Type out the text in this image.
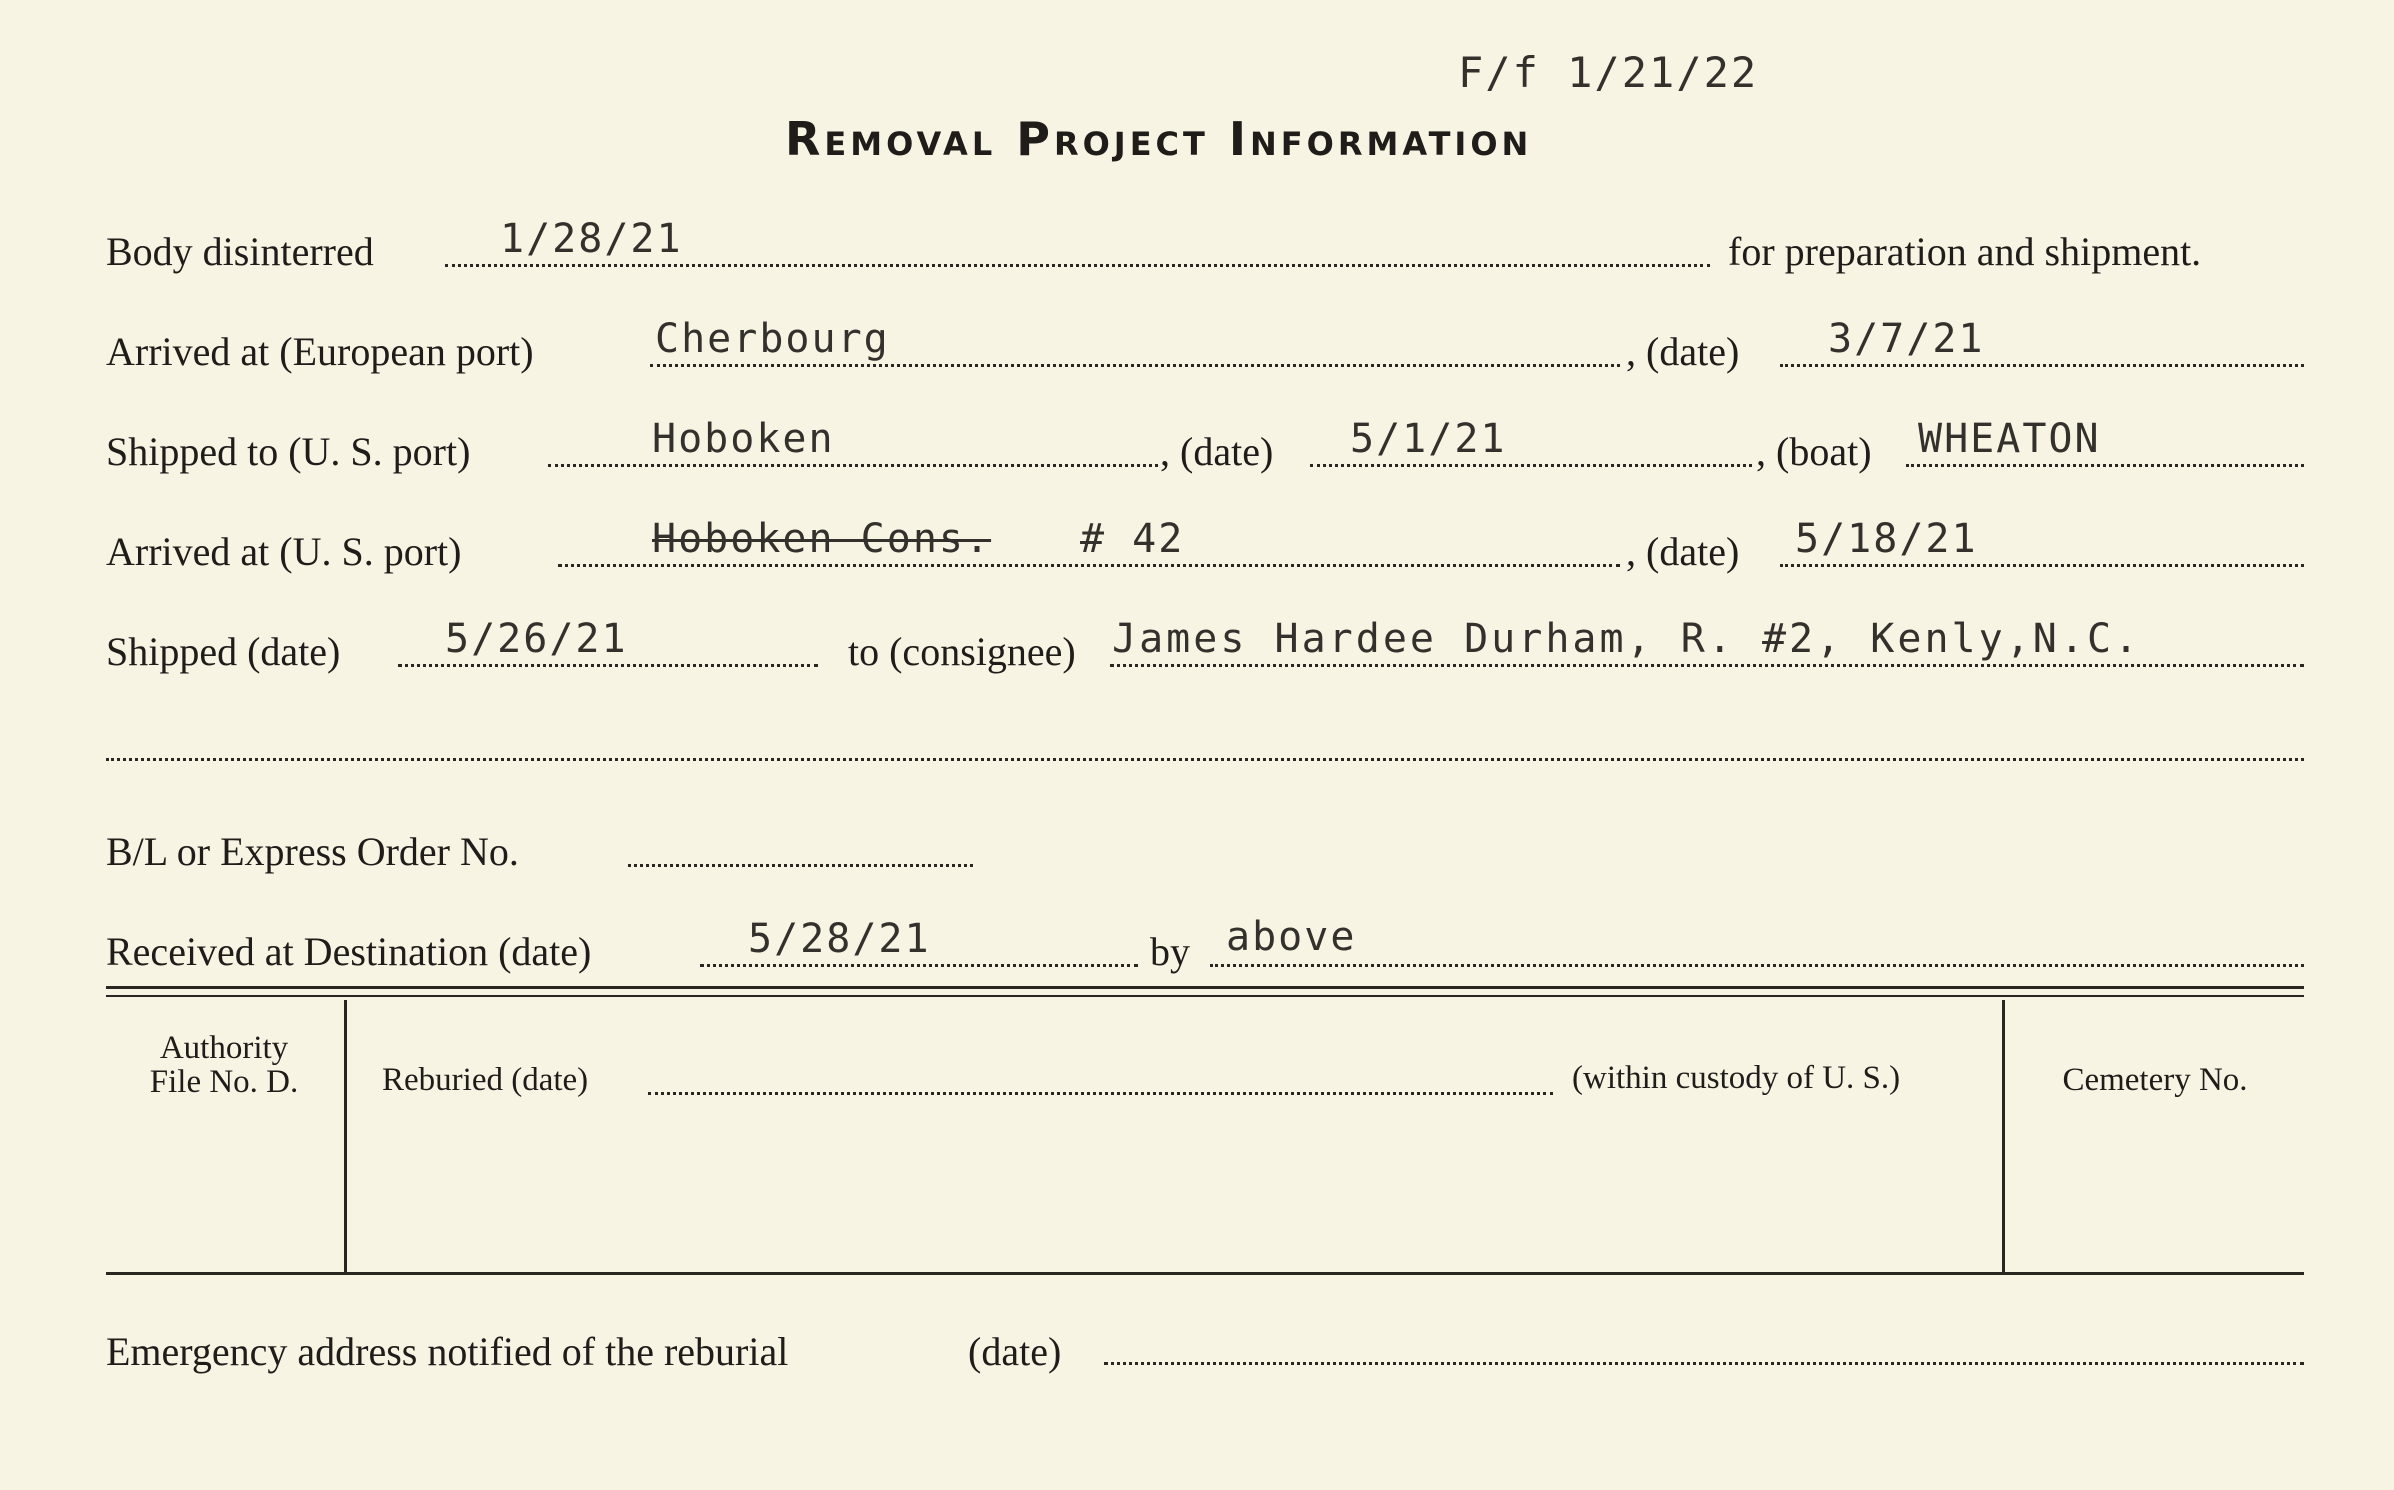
F/f 1/21/22
Removal Project Information
Body disinterred	1/28/21	for preparation and shipment.
Arrived at (European port)	Cherbourg	, (date) 3/7/21
Shipped to (U. S. port)	Hoboken	, (date) 5/1/21	, (boat) WHEATON
Arrived at (U. S. port)	Hoboken Cons. # 42	, (date) 5/18/21
Shipped (date)	5/26/21	to (consignee) James Hardee Durham, R. #2, Kenly,N.C.
B/L or Express Order No.
Received at Destination (date)	5/28/21	by above
Authority
File No. D.	Reburied (date)	(within custody of U. S.)	Cemetery No.
Emergency address notified of the reburial	(date)
